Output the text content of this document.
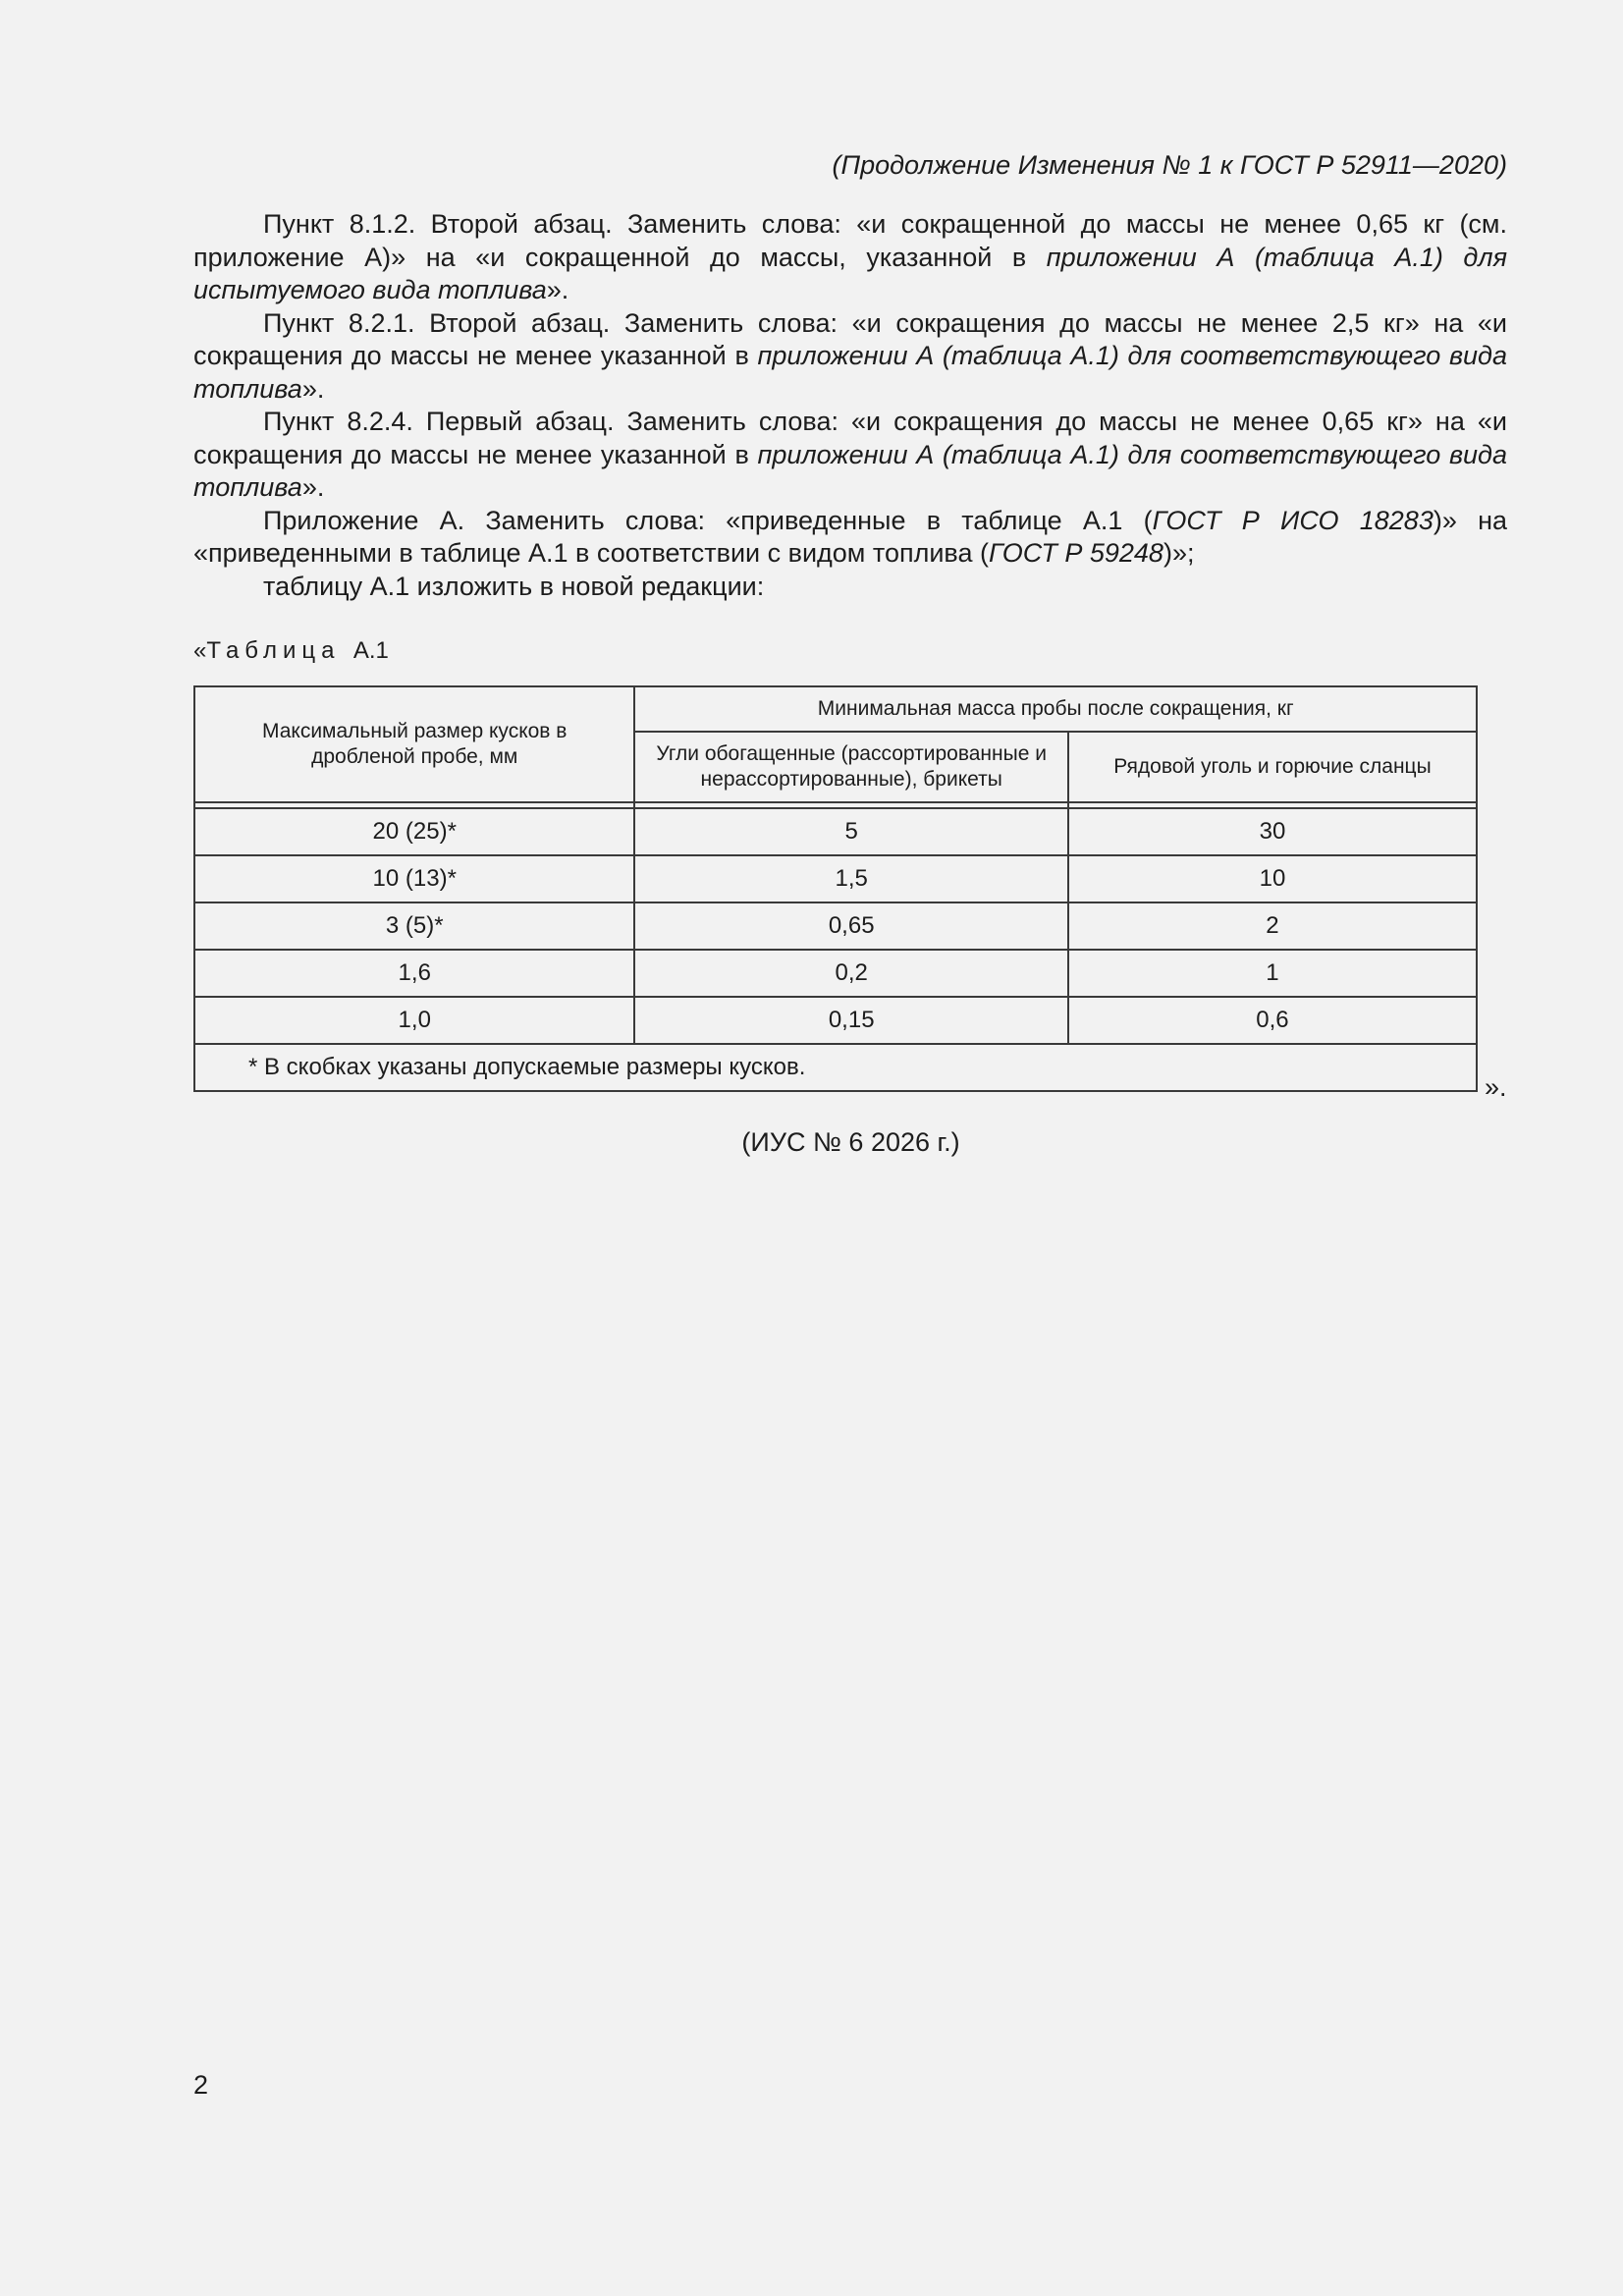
(Продолжение Изменения № 1 к ГОСТ Р 52911—2020)

Пункт 8.1.2. Второй абзац. Заменить слова: «и сокращенной до массы не менее 0,65 кг (см. приложение А)» на «и сокращенной до массы, указанной в приложении А (таблица А.1) для испытуемого вида топлива».

Пункт 8.2.1. Второй абзац. Заменить слова: «и сокращения до массы не менее 2,5 кг» на «и сокращения до массы не менее указанной в приложении А (таблица А.1) для соответствующего вида топлива».

Пункт 8.2.4. Первый абзац. Заменить слова: «и сокращения до массы не менее 0,65 кг» на «и сокращения до массы не менее указанной в приложении А (таблица А.1) для соответствующего вида топлива».

Приложение А. Заменить слова: «приведенные в таблице А.1 (ГОСТ Р ИСО 18283)» на «приведенными в таблице А.1 в соответствии с видом топлива (ГОСТ Р 59248)»;

таблицу А.1 изложить в новой редакции:

«Таблица А.1
Максимальный размер кусков в дробленой пробе, мм	Минимальная масса пробы после сокращения, кг	
	Угли обогащенные (рассортированные и нерассортированные), брикеты	Рядовой уголь и горючие сланцы

20 (25)*	5	30
10 (13)*	1,5	10
3 (5)*	0,65	2
1,6	0,2	1
1,0	0,15	0,6
* В скобках указаны допускаемые размеры кусков.		
».
(ИУС № 6 2026 г.)
2
